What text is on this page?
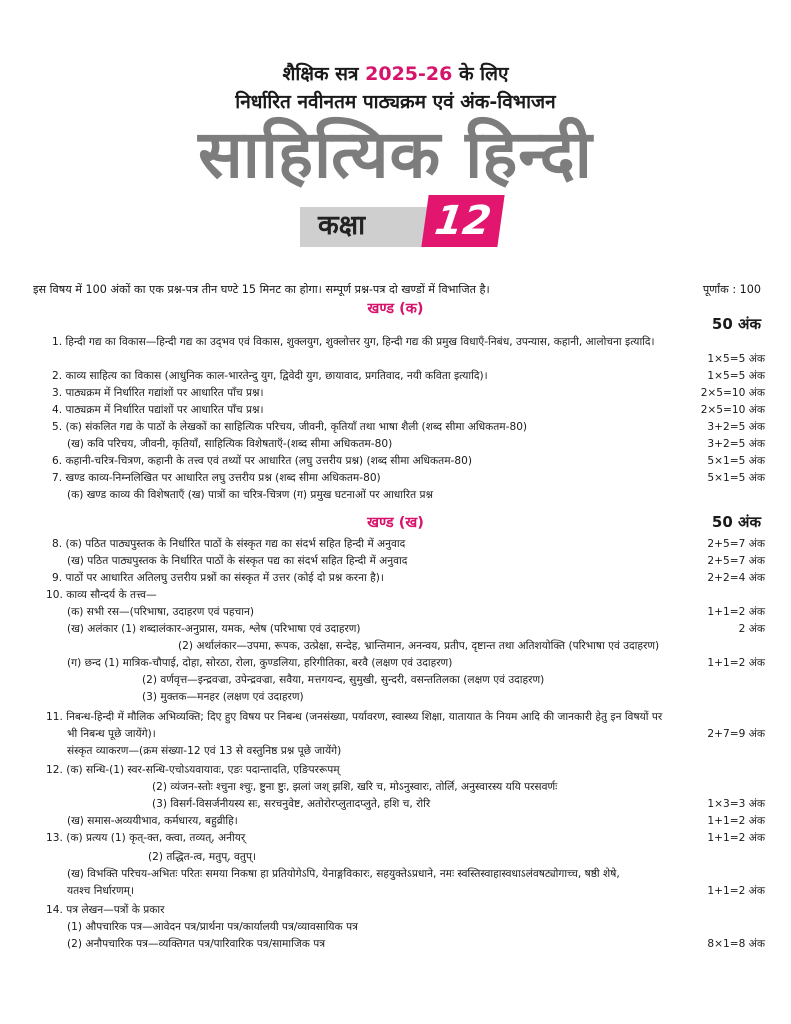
शैक्षिक सत्र 2025-26 के लिए
निर्धारित नवीनतम पाठ्यक्रम एवं अंक-विभाजन
साहित्यिक हिन्दी
कक्षा 12
इस विषय में 100 अंकों का एक प्रश्न-पत्र तीन घण्टे 15 मिनट का होगा। सम्पूर्ण प्रश्न-पत्र दो खण्डों में विभाजित है।	पूर्णांक : 100
खण्ड (क)
50 अंक
1. हिन्दी गद्य का विकास—हिन्दी गद्य का उद्‌भव एवं विकास, शुक्लयुग, शुक्लोत्तर युग, हिन्दी गद्य की प्रमुख विधाएँ-निबंध, उपन्यास, कहानी, आलोचना इत्यादि।
1×5=5 अंक
2. काव्य साहित्य का विकास (आधुनिक काल-भारतेन्दु युग, द्विवेदी युग, छायावाद, प्रगतिवाद, नयी कविता इत्यादि)।	1×5=5 अंक
3. पाठ्यक्रम में निर्धारित गद्यांशों पर आधारित पाँच प्रश्न।	2×5=10 अंक
4. पाठ्यक्रम में निर्धारित पद्यांशों पर आधारित पाँच प्रश्न।	2×5=10 अंक
5. (क) संकलित गद्य के पाठों के लेखकों का साहित्यिक परिचय, जीवनी, कृतियाँ तथा भाषा शैली (शब्द सीमा अधिकतम-80)	3+2=5 अंक
(ख) कवि परिचय, जीवनी, कृतियाँ, साहित्यिक विशेषताएँ-(शब्द सीमा अधिकतम-80)	3+2=5 अंक
6. कहानी-चरित्र-चित्रण, कहानी के तत्त्व एवं तथ्यों पर आधारित (लघु उत्तरीय प्रश्न) (शब्द सीमा अधिकतम-80)	5×1=5 अंक
7. खण्ड काव्य-निम्नलिखित पर आधारित लघु उत्तरीय प्रश्न (शब्द सीमा अधिकतम-80)	5×1=5 अंक
(क) खण्ड काव्य की विशेषताएँ (ख) पात्रों का चरित्र-चित्रण (ग) प्रमुख घटनाओं पर आधारित प्रश्न
खण्ड (ख)	50 अंक
8. (क) पठित पाठ्यपुस्तक के निर्धारित पाठों के संस्कृत गद्य का संदर्भ सहित हिन्दी में अनुवाद	2+5=7 अंक
(ख) पठित पाठ्यपुस्तक के निर्धारित पाठों के संस्कृत पद्य का संदर्भ सहित हिन्दी में अनुवाद	2+5=7 अंक
9. पाठों पर आधारित अतिलघु उत्तरीय प्रश्नों का संस्कृत में उत्तर (कोई दो प्रश्न करना है)।	2+2=4 अंक
10. काव्य सौन्दर्य के तत्त्व—
(क) सभी रस—(परिभाषा, उदाहरण एवं पहचान)	1+1=2 अंक
(ख) अलंकार (1) शब्दालंकार-अनुप्रास, यमक, श्लेष (परिभाषा एवं उदाहरण)	2 अंक
(2) अर्थालंकार—उपमा, रूपक, उत्प्रेक्षा, सन्देह, भ्रान्तिमान, अनन्वय, प्रतीप, दृष्टान्त तथा अतिशयोक्ति (परिभाषा एवं उदाहरण)
(ग) छन्द (1) मात्रिक-चौपाई, दोहा, सोरठा, रोला, कुण्डलिया, हरिगीतिका, बरवै (लक्षण एवं उदाहरण)	1+1=2 अंक
(2) वर्णवृत्त—इन्द्रवज्रा, उपेन्द्रवज्रा, सवैया, मत्तगयन्द, सुमुखी, सुन्दरी, वसन्ततिलका (लक्षण एवं उदाहरण)
(3) मुक्तक—मनहर (लक्षण एवं उदाहरण)
11. निबन्ध-हिन्दी में मौलिक अभिव्यक्ति; दिए हुए विषय पर निबन्ध (जनसंख्या, पर्यावरण, स्वास्थ्य शिक्षा, यातायात के नियम आदि की जानकारी हेतु इन विषयों पर
भी निबन्ध पूछे जायेंगे)।	2+7=9 अंक
संस्कृत व्याकरण—(क्रम संख्या-12 एवं 13 से वस्तुनिष्ठ प्रश्न पूछे जायेंगे)
12. (क) सन्धि-(1) स्वर-सन्धि-एचोऽयवायावः, एङः पदान्तादति, एङिपररूपम्
(2) व्यंजन-स्तोः श्चुना श्चुः, ष्टुना ष्टुः, झलां जश् झशि, खरि च, मोऽनुस्वारः, तोर्लि, अनुस्वारस्य ययि परसवर्णः
(3) विसर्ग-विसर्जनीयस्य सः, सरचनुवेष्ट, अतोरोरप्लुतादप्लुते, हशि च, रोरि	1×3=3 अंक
(ख) समास-अव्ययीभाव, कर्मधारय, बहुव्रीहि।	1+1=2 अंक
13. (क) प्रत्यय (1) कृत्-क्त, क्त्वा, तव्यत्, अनीयर्	1+1=2 अंक
(2) तद्धित-त्व, मतुप्, वतुप्।
(ख) विभक्ति परिचय-अभितः परितः समया निकषा हा प्रतियोगेऽपि, येनाङ्गविकारः, सहयुक्तेऽप्रधाने, नमः स्वस्तिस्वाहास्वधाऽलंवषट्योगाच्च, षष्ठी शेषे,
यतश्च निर्धारणम्।	1+1=2 अंक
14. पत्र लेखन—पत्रों के प्रकार
(1) औपचारिक पत्र—आवेदन पत्र/प्रार्थना पत्र/कार्यालयी पत्र/व्यावसायिक पत्र
(2) अनौपचारिक पत्र—व्यक्तिगत पत्र/पारिवारिक पत्र/सामाजिक पत्र	8×1=8 अंक
